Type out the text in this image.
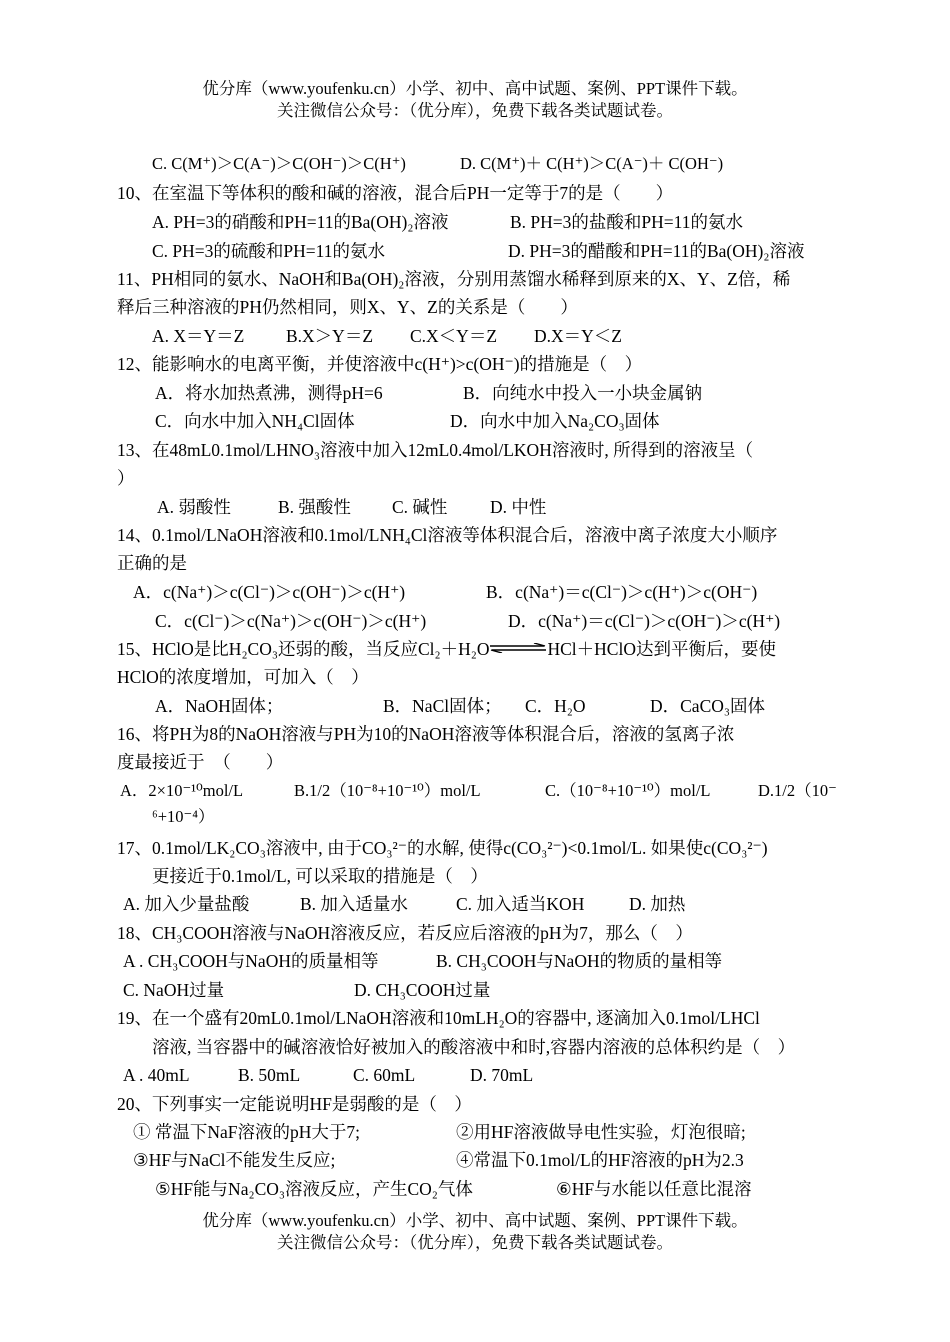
优分库（www.youfenku.cn）小学、初中、高中试题、案例、PPT课件下载。
关注微信公众号：（优分库），免费下载各类试题试卷。
C. C(M⁺)＞C(A⁻)＞C(OH⁻)＞C(H⁺)	D. C(M⁺)＋ C(H⁺)＞C(A⁻)＋ C(OH⁻)
10、在室温下等体积的酸和碱的溶液，混合后PH一定等于7的是（　　）
A. PH=3的硝酸和PH=11的Ba(OH)₂溶液	B. PH=3的盐酸和PH=11的氨水
C. PH=3的硫酸和PH=11的氨水	D. PH=3的醋酸和PH=11的Ba(OH)₂溶液
11、PH相同的氨水、NaOH和Ba(OH)₂溶液，分别用蒸馏水稀释到原来的X、Y、Z倍，稀
释后三种溶液的PH仍然相同，则X、Y、Z的关系是（　　）
A. X＝Y＝Z B.X＞Y＝Z C.X＜Y＝Z D.X＝Y＜Z
12、能影响水的电离平衡，并使溶液中c(H⁺)>c(OH⁻)的措施是（　）
A．将水加热煮沸，测得pH=6	B．向纯水中投入一小块金属钠
C．向水中加入NH₄Cl固体	D．向水中加入Na₂CO₃固体
13、在48mL0.1mol/LHNO₃溶液中加入12mL0.4mol/LKOH溶液时, 所得到的溶液呈（
）
A. 弱酸性	B. 强酸性 C. 碱性 D. 中性
14、0.1mol/LNaOH溶液和0.1mol/LNH₄Cl溶液等体积混合后，溶液中离子浓度大小顺序
正确的是
A．c(Na⁺)＞c(Cl⁻)＞c(OH⁻)＞c(H⁺)	B．c(Na⁺)＝c(Cl⁻)＞c(H⁺)＞c(OH⁻)
C．c(Cl⁻)＞c(Na⁺)＞c(OH⁻)＞c(H⁺)	D．c(Na⁺)＝c(Cl⁻)＞c(OH⁻)＞c(H⁺)
15、HClO是比H₂CO₃还弱的酸，当反应Cl₂＋H₂O⇌HCl＋HClO达到平衡后，要使
HClO的浓度增加，可加入（　）
A．NaOH固体；	B．NaCl固体； C．H₂O	D．CaCO₃固体
16、将PH为8的NaOH溶液与PH为10的NaOH溶液等体积混合后，溶液的氢离子浓
度最接近于　（　　）
A．2×10⁻¹⁰mol/L	B.1/2（10⁻⁸+10⁻¹⁰）mol/L	C.（10⁻⁸+10⁻¹⁰）mol/L	D.1/2（10⁻
⁶+10⁻⁴）
17、0.1mol/LK₂CO₃溶液中, 由于CO₃²⁻的水解, 使得c(CO₃²⁻)<0.1mol/L. 如果使c(CO₃²⁻)
更接近于0.1mol/L, 可以采取的措施是（　）
A. 加入少量盐酸	B. 加入适量水	C. 加入适当KOH	D. 加热
18、CH₃COOH溶液与NaOH溶液反应，若反应后溶液的pH为7，那么（　）
A . CH₃COOH与NaOH的质量相等	B. CH₃COOH与NaOH的物质的量相等
C. NaOH过量	D. CH₃COOH过量
19、在一个盛有20mL0.1mol/LNaOH溶液和10mLH₂O的容器中, 逐滴加入0.1mol/LHCl
溶液, 当容器中的碱溶液恰好被加入的酸溶液中和时,容器内溶液的总体积约是（　）
A . 40mL	B. 50mL	C. 60mL	D. 70mL
20、下列事实一定能说明HF是弱酸的是（　）
① 常温下NaF溶液的pH大于7;	②用HF溶液做导电性实验，灯泡很暗;
③HF与NaCl不能发生反应;	④常温下0.1mol/L的HF溶液的pH为2.3
⑤HF能与Na₂CO₃溶液反应，产生CO₂气体	⑥HF与水能以任意比混溶
优分库（www.youfenku.cn）小学、初中、高中试题、案例、PPT课件下载。
关注微信公众号：（优分库），免费下载各类试题试卷。
